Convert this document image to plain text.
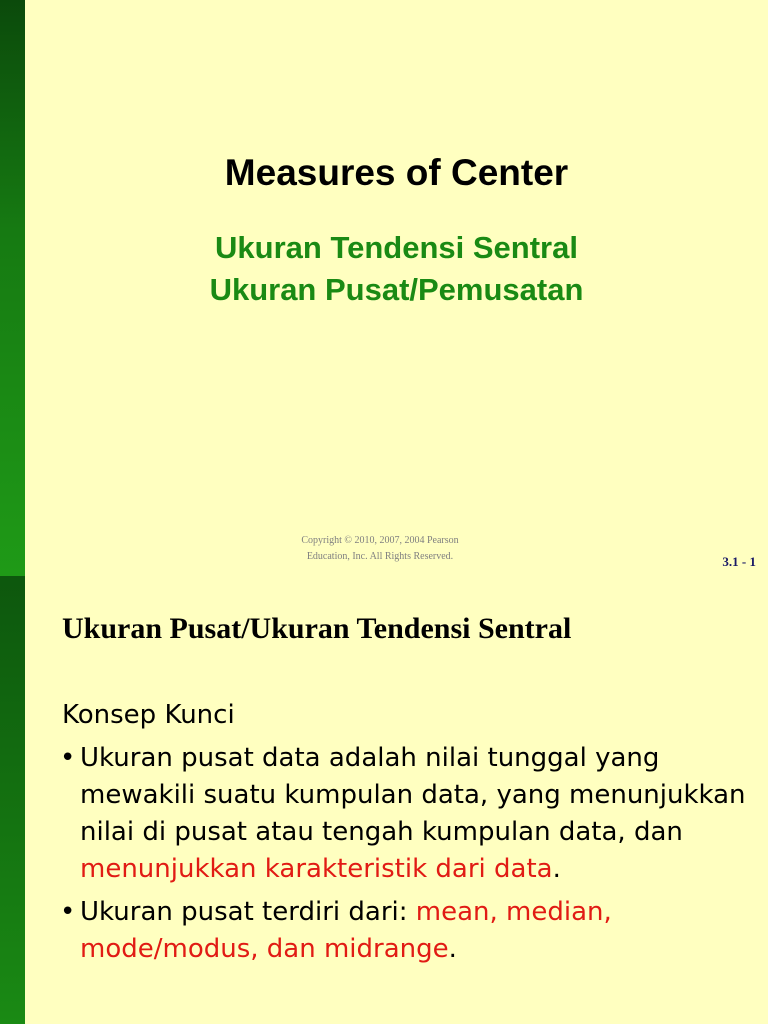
Measures of Center
Ukuran Tendensi Sentral
Ukuran Pusat/Pemusatan
Copyright © 2010, 2007, 2004 Pearson
Education, Inc. All Rights Reserved.	3.1 - 1
Ukuran Pusat/Ukuran Tendensi Sentral

Konsep Kunci

• Ukuran pusat data adalah nilai tunggal yang mewakili suatu kumpulan data, yang menunjukkan nilai di pusat atau tengah kumpulan data, dan menunjukkan karakteristik dari data.

• Ukuran pusat terdiri dari: mean, median, mode/modus, dan midrange.
